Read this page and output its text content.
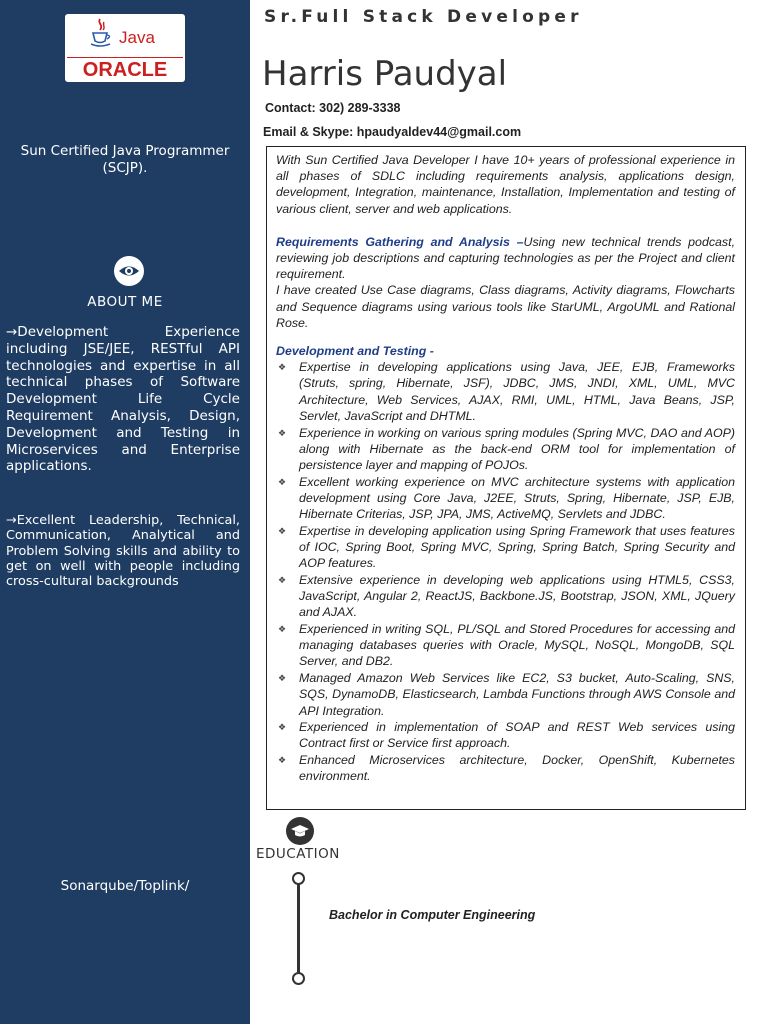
Java
ORACLE
Sun Certified Java Programmer (SCJP).
ABOUT ME
→Development Experience including JSE/JEE, RESTful API technologies and expertise in all technical phases of Software Development Life Cycle Requirement Analysis, Design, Development and Testing in Microservices and Enterprise applications.
→Excellent Leadership, Technical, Communication, Analytical and Problem Solving skills and ability to get on well with people including cross-cultural backgrounds
Sonarqube/Toplink/
Sr.Full Stack Developer
Harris Paudyal
Contact: 302) 289-3338
Email & Skype: hpaudyaldev44@gmail.com

With Sun Certified Java Developer I have 10+ years of professional experience in all phases of SDLC including requirements analysis, applications design, development, Integration, maintenance, Installation, Implementation and testing of various client, server and web applications.

Requirements Gathering and Analysis –Using new technical trends podcast, reviewing job descriptions and capturing technologies as per the Project and client requirement.

I have created Use Case diagrams, Class diagrams, Activity diagrams, Flowcharts and Sequence diagrams using various tools like StarUML, ArgoUML and Rational Rose.

Development and Testing -

❖ Expertise in developing applications using Java, JEE, EJB, Frameworks (Struts, spring, Hibernate, JSF), JDBC, JMS, JNDI, XML, UML, MVC Architecture, Web Services, AJAX, RMI, UML, HTML, Java Beans, JSP, Servlet, JavaScript and DHTML.
❖ Experience in working on various spring modules (Spring MVC, DAO and AOP) along with Hibernate as the back-end ORM tool for implementation of persistence layer and mapping of POJOs.
❖ Excellent working experience on MVC architecture systems with application development using Core Java, J2EE, Struts, Spring, Hibernate, JSP, EJB, Hibernate Criterias, JSP, JPA, JMS, ActiveMQ, Servlets and JDBC.
❖ Expertise in developing application using Spring Framework that uses features of IOC, Spring Boot, Spring MVC, Spring, Spring Batch, Spring Security and AOP features.
❖ Extensive experience in developing web applications using HTML5, CSS3, JavaScript, Angular 2, ReactJS, Backbone.JS, Bootstrap, JSON, XML, JQuery and AJAX.
❖ Experienced in writing SQL, PL/SQL and Stored Procedures for accessing and managing databases queries with Oracle, MySQL, NoSQL, MongoDB, SQL Server, and DB2.
❖ Managed Amazon Web Services like EC2, S3 bucket, Auto-Scaling, SNS, SQS, DynamoDB, Elasticsearch, Lambda Functions through AWS Console and API Integration.
❖ Experienced in implementation of SOAP and REST Web services using Contract first or Service first approach.
❖ Enhanced Microservices architecture, Docker, OpenShift, Kubernetes environment.
EDUCATION
Bachelor in Computer Engineering
